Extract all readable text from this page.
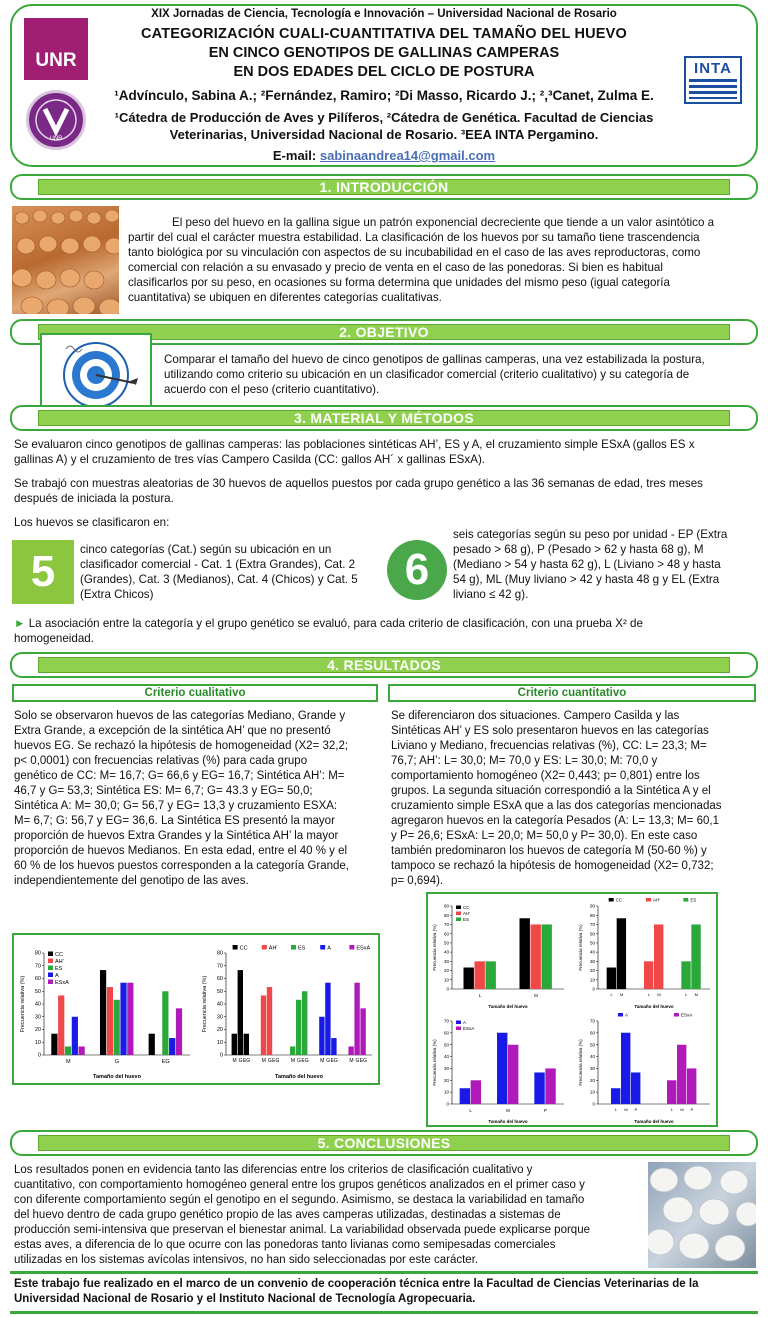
XIX Jornadas de Ciencia, Tecnología e Innovación – Universidad Nacional de Rosario
CATEGORIZACIÓN CUALI-CUANTITATIVA DEL TAMAÑO DEL HUEVO
EN CINCO GENOTIPOS DE GALLINAS CAMPERAS
EN DOS EDADES DEL CICLO DE POSTURA
¹Advínculo, Sabina A.; ²Fernández, Ramiro; ²Di Masso, Ricardo J.; ²,³Canet, Zulma E.
¹Cátedra de Producción de Aves y Pilíferos, ²Cátedra de Genética. Facultad de Ciencias
Veterinarias, Universidad Nacional de Rosario. ³EEA INTA Pergamino.
E-mail: sabinaandrea14@gmail.com
UNR
UNR
INTA
1. INTRODUCCIÓN
El peso del huevo en la gallina sigue un patrón exponencial decreciente que tiende a un valor asintótico a
partir del cual el carácter muestra estabilidad. La clasificación de los huevos por su tamaño tiene trascendencia
tanto biológica por su vinculación con aspectos de su incubabilidad en el caso de las aves reproductoras, como
comercial con relación a su envasado y precio de venta en el caso de las ponedoras. Si bien es habitual
clasificarlos por su peso, en ocasiones su forma determina que unidades del mismo peso (igual categoría
cuantitativa) se ubiquen en diferentes categorías cualitativas.
2. OBJETIVO
Comparar el tamaño del huevo de cinco genotipos de gallinas camperas, una vez estabilizada la postura,
utilizando como criterio su ubicación en un clasificador comercial (criterio cualitativo) y su categoría de
acuerdo con el peso (criterio cuantitativo).
3. MATERIAL Y MÉTODOS
Se evaluaron cinco genotipos de gallinas camperas: las poblaciones sintéticas AH’, ES y A, el cruzamiento simple ESxA (gallos ES x
gallinas A) y el cruzamiento de tres vías Campero Casilda (CC: gallos AH´ x gallinas ESxA).
Se trabajó con muestras aleatorias de 30 huevos de aquellos puestos por cada grupo genético a las 36 semanas de edad, tres meses
después de iniciada la postura.
Los huevos se clasificaron en:
5	cinco categorías (Cat.) según su ubicación en un
clasificador comercial - Cat. 1 (Extra Grandes), Cat. 2
(Grandes), Cat. 3 (Medianos), Cat. 4 (Chicos) y Cat. 5
(Extra Chicos)
6
seis categorías según su peso por unidad - EP (Extra
pesado > 68 g), P (Pesado > 62 y hasta 68 g), M
(Mediano > 54 y hasta 62 g), L (Liviano > 48 y hasta
54 g), ML (Muy liviano > 42 y hasta 48 g y EL (Extra
liviano ≤ 42 g).
► La asociación entre la categoría y el grupo genético se evaluó, para cada criterio de clasificación, con una prueba X² de
homogeneidad.
4. RESULTADOS
Criterio cualitativo	Criterio cuantitativo
Solo se observaron huevos de las categorías Mediano, Grande y
Extra Grande, a excepción de la sintética AH’ que no presentó
huevos EG. Se rechazó la hipótesis de homogeneidad (X2= 32,2;
p< 0,0001) con frecuencias relativas (%) para cada grupo
genético de CC: M= 16,7; G= 66,6 y EG= 16,7; Sintética AH’: M=
46,7 y G= 53,3; Sintética ES: M= 6,7; G= 43.3 y EG= 50,0;
Sintética A: M= 30,0; G= 56,7 y EG= 13,3 y cruzamiento ESXA:
M= 6,7; G: 56,7 y EG= 36,6. La Sintética ES presentó la mayor
proporción de huevos Extra Grandes y la Sintética AH’ la mayor
proporción de huevos Medianos. En esta edad, entre el 40 % y el
60 % de los huevos puestos corresponden a la categoría Grande,
independientemente del genotipo de las aves.
Se diferenciaron dos situaciones. Campero Casilda y las
Sintéticas AH’ y ES solo presentaron huevos en las categorías
Liviano y Mediano, frecuencias relativas (%), CC: L= 23,3; M=
76,7; AH’: L= 30,0; M= 70,0 y ES: L= 30,0; M: 70,0 y
comportamiento homogéneo (X2= 0,443; p= 0,801) entre los
grupos. La segunda situación correspondió a la Sintética A y el
cruzamiento simple ESxA que a las dos categorías mencionadas
agregaron huevos en la categoría Pesados (A: L= 13,3; M= 60,1
y P= 26,6; ESxA: L= 20,0; M= 50,0 y P= 30,0). En este caso
también predominaron los huevos de categoría M (50-60 %) y
tampoco se rechazó la hipótesis de homogeneidad (X2= 0,732;
p= 0,694).
0
10
20
30
40
50
60
70
80
Frecuencia relativa (%)
Tamaño del huevo
M	G	EG
CC
AH'
ES
A
ESxA
0
10
20
30
40
50
60
70
80
Frecuencia relativa (%)
Tamaño del huevo
M G EG
CC
M G EG
AH'
M G EG
ES
M G EG
A
M G EG
ESxA
0
10
20
30
40
50
60
70
80
90
Frecuencia relativa (%)
Tamaño del huevo
L	M
CC
AH'
ES
0
10
20
30
40
50
60
70
80
90
Frecuencia relativa (%)
Tamaño del huevo
L M
CC
L M
AH'
L M
ES
0
10
20
30
40
50
60
70
Frecuencia relativa (%)
Tamaño del huevo
L	M	P
A
ESxA
0
10
20
30
40
50
60
70
Frecuencia relativa (%)
Tamaño del huevo
L M P
A
L M P
ESxA
5. CONCLUSIONES
Los resultados ponen en evidencia tanto las diferencias entre los criterios de clasificación cualitativo y
cuantitativo, con comportamiento homogéneo general entre los grupos genéticos analizados en el primer caso y
con diferente comportamiento según el genotipo en el segundo. Asimismo, se destaca la variabilidad en tamaño
del huevo dentro de cada grupo genético propio de las aves camperas utilizadas, destinadas a sistemas de
producción semi-intensiva que preservan el bienestar animal. La variabilidad observada puede explicarse porque
estas aves, a diferencia de lo que ocurre con las ponedoras tanto livianas como semipesadas comerciales
utilizadas en los sistemas avícolas intensivos, no han sido seleccionadas por este carácter.
Este trabajo fue realizado en el marco de un convenio de cooperación técnica entre la Facultad de Ciencias Veterinarias de la
Universidad Nacional de Rosario y el Instituto Nacional de Tecnología Agropecuaria.
